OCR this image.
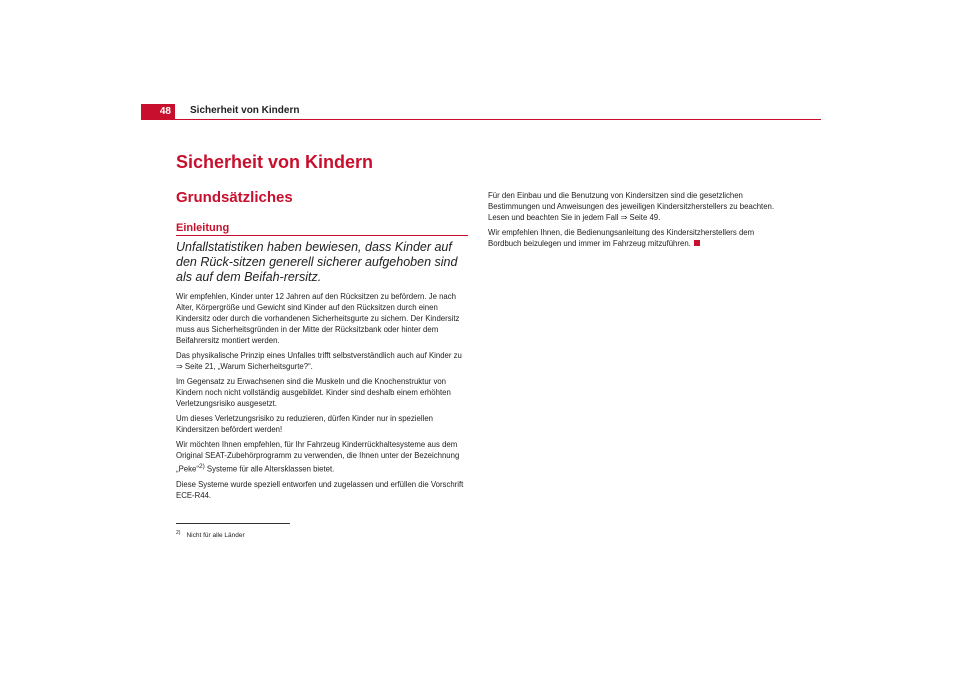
48	Sicherheit von Kindern
Sicherheit von Kindern
Grundsätzliches
Einleitung
Unfallstatistiken haben bewiesen, dass Kinder auf den Rück-sitzen generell sicherer aufgehoben sind als auf dem Beifah-rersitz.

Wir empfehlen, Kinder unter 12 Jahren auf den Rücksitzen zu befördern. Je nach Alter, Körpergröße und Gewicht sind Kinder auf den Rücksitzen durch einen Kindersitz oder durch die vorhandenen Sicherheitsgurte zu sichern. Der Kindersitz muss aus Sicherheitsgründen in der Mitte der Rücksitzbank oder hinter dem Beifahrersitz montiert werden.

Das physikalische Prinzip eines Unfalles trifft selbstverständlich auch auf Kinder zu ⇒ Seite 21, „Warum Sicherheitsgurte?“.

Im Gegensatz zu Erwachsenen sind die Muskeln und die Knochenstruktur von Kindern noch nicht vollständig ausgebildet. Kinder sind deshalb einem erhöhten Verletzungsrisiko ausgesetzt.

Um dieses Verletzungsrisiko zu reduzieren, dürfen Kinder nur in speziellen Kindersitzen befördert werden!

Wir möchten Ihnen empfehlen, für Ihr Fahrzeug Kinderrückhaltesysteme aus dem Original SEAT-Zubehörprogramm zu verwenden, die Ihnen unter der Bezeichnung „Peke“$^{2)}$ Systeme für alle Altersklassen bietet.

Diese Systeme wurde speziell entworfen und zugelassen und erfüllen die Vorschrift ECE-R44.

Für den Einbau und die Benutzung von Kindersitzen sind die gesetzlichen Bestimmungen und Anweisungen des jeweiligen Kindersitzherstellers zu beachten. Lesen und beachten Sie in jedem Fall ⇒ Seite 49.

Wir empfehlen Ihnen, die Bedienungsanleitung des Kindersitzherstellers dem Bordbuch beizulegen und immer im Fahrzeug mitzuführen.

$^{2)}$ Nicht für alle Länder
